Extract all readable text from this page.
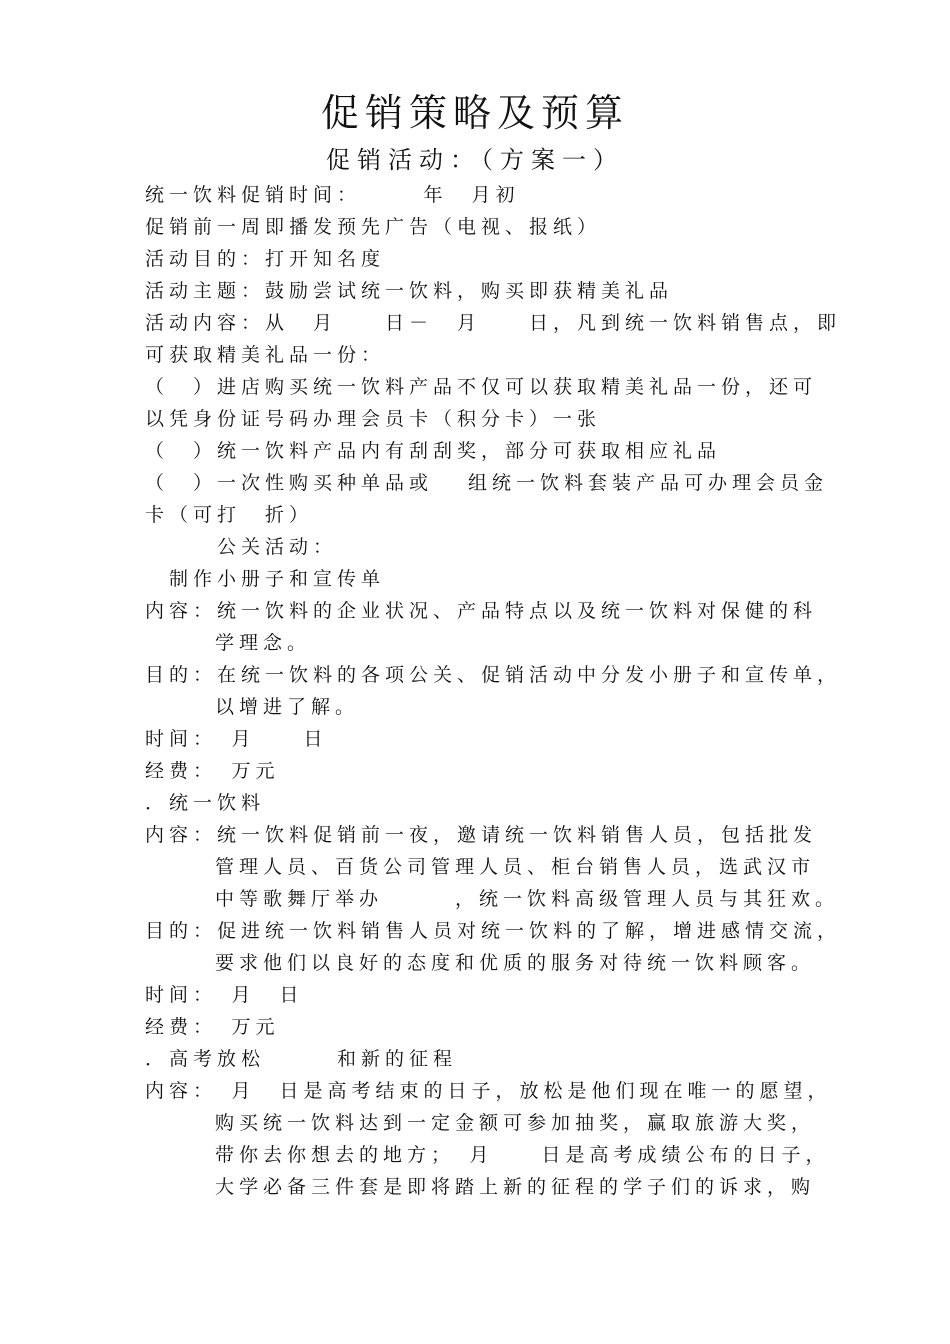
促销策略及预算
促销活动：（方案一）
统一饮料促销时间：　　　年　月初
促销前一周即播发预先广告（电视、报纸）
活动目的：打开知名度
活动主题：鼓励尝试统一饮料，购买即获精美礼品
活动内容：从　月　　日－　月　　日，凡到统一饮料销售点，即
可获取精美礼品一份：
（　）进店购买统一饮料产品不仅可以获取精美礼品一份，还可
以凭身份证号码办理会员卡（积分卡）一张
（　）统一饮料产品内有刮刮奖，部分可获取相应礼品
（　）一次性购买种单品或　 组统一饮料套装产品可办理会员金
卡（可打　折）
　　　公关活动：
　制作小册子和宣传单
内容：统一饮料的企业状况、产品特点以及统一饮料对保健的科
学理念。
目的：在统一饮料的各项公关、促销活动中分发小册子和宣传单，
以增进了解。
时间：　月　　日
经费：　万元
．统一饮料
内容：统一饮料促销前一夜，邀请统一饮料销售人员，包括批发
管理人员、百货公司管理人员、柜台销售人员，选武汉市
中等歌舞厅举办　　　，统一饮料高级管理人员与其狂欢。
目的：促进统一饮料销售人员对统一饮料的了解，增进感情交流，
要求他们以良好的态度和优质的服务对待统一饮料顾客。
时间：　月　日
经费：　万元
．高考放松　　　和新的征程
内容：　月　日是高考结束的日子，放松是他们现在唯一的愿望，
购买统一饮料达到一定金额可参加抽奖，赢取旅游大奖，
带你去你想去的地方；　月　　日是高考成绩公布的日子，
大学必备三件套是即将踏上新的征程的学子们的诉求，购
